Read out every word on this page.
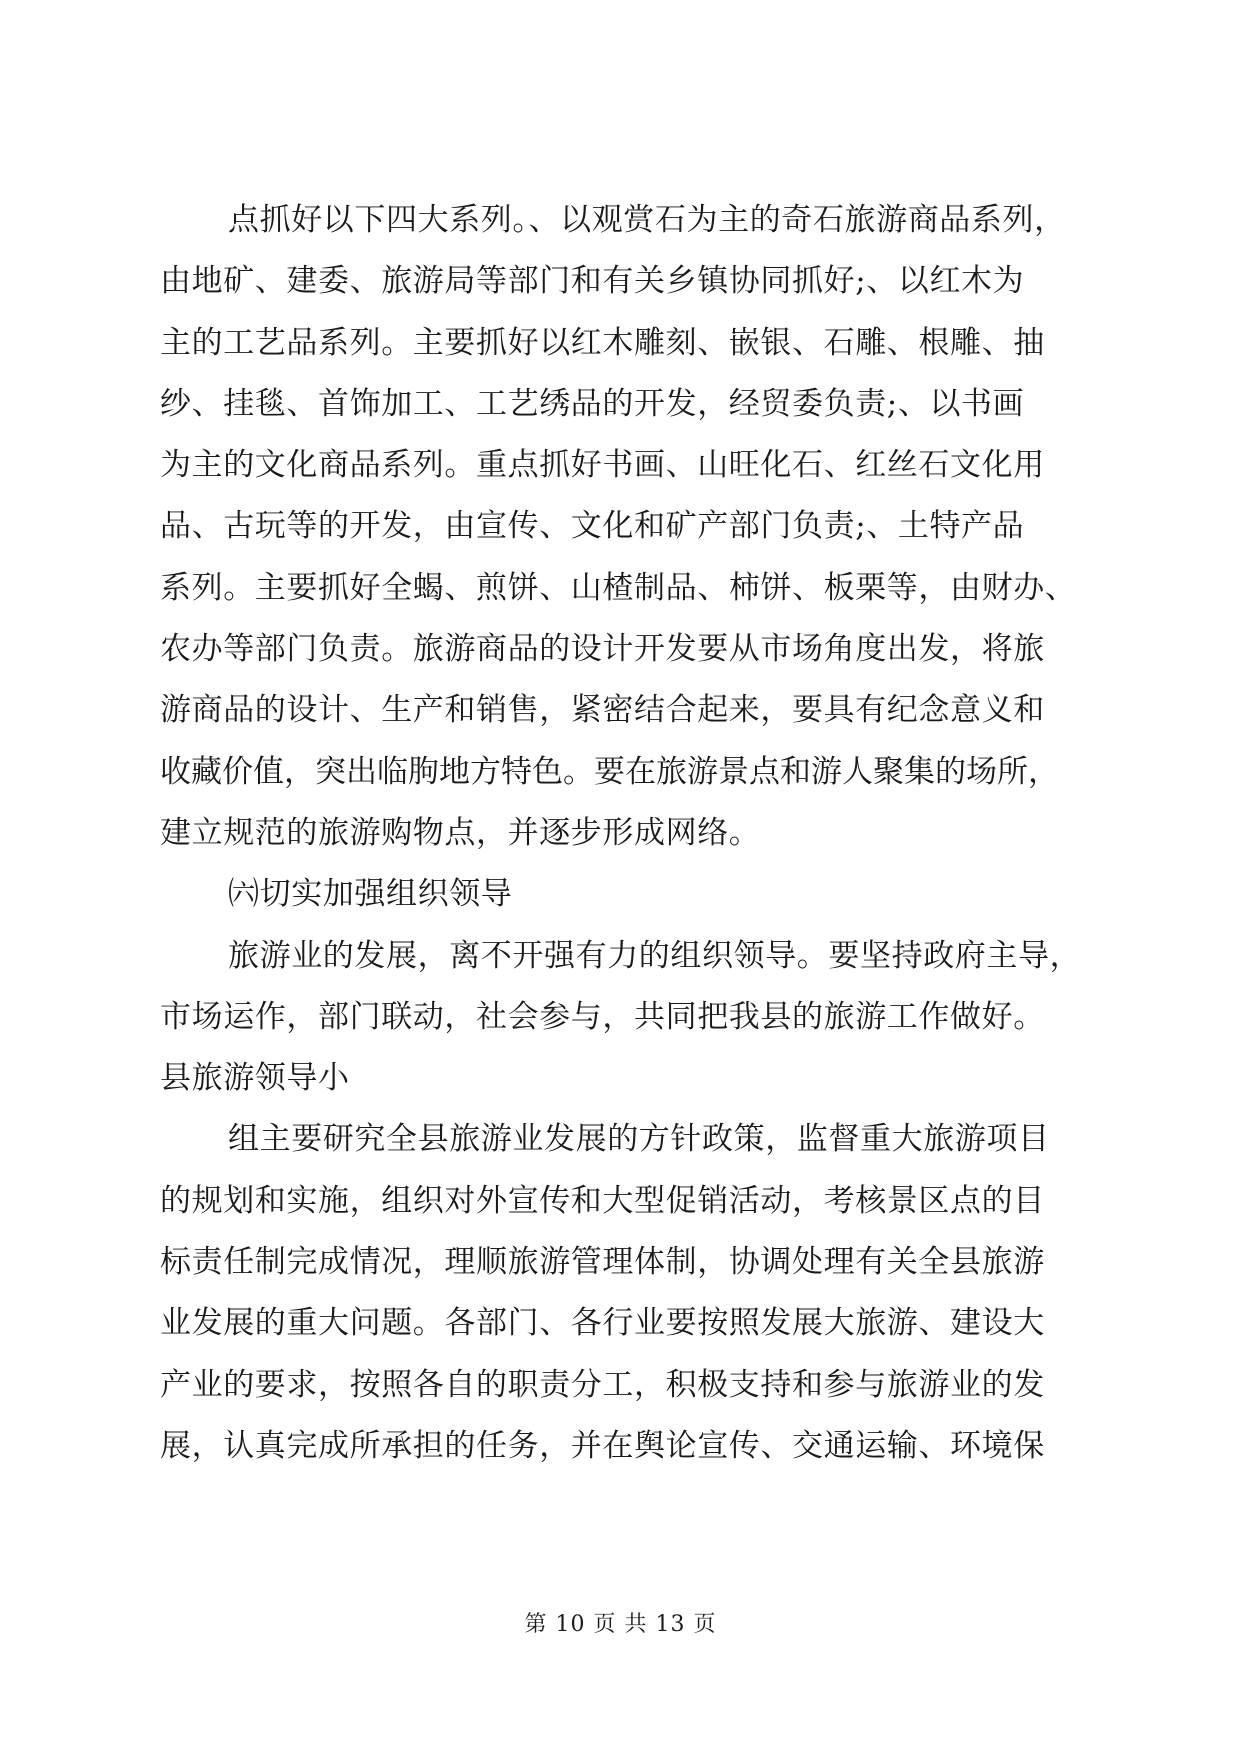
点抓好以下四大系列。、以观赏石为主的奇石旅游商品系列，
由地矿、建委、旅游局等部门和有关乡镇协同抓好;、以红木为
主的工艺品系列。主要抓好以红木雕刻、嵌银、石雕、根雕、抽
纱、挂毯、首饰加工、工艺绣品的开发，经贸委负责;、以书画
为主的文化商品系列。重点抓好书画、山旺化石、红丝石文化用
品、古玩等的开发，由宣传、文化和矿产部门负责;、土特产品
系列。主要抓好全蝎、煎饼、山楂制品、柿饼、板栗等，由财办、
农办等部门负责。旅游商品的设计开发要从市场角度出发，将旅
游商品的设计、生产和销售，紧密结合起来，要具有纪念意义和
收藏价值，突出临朐地方特色。要在旅游景点和游人聚集的场所，
建立规范的旅游购物点，并逐步形成网络。
㈥切实加强组织领导
旅游业的发展，离不开强有力的组织领导。要坚持政府主导，
市场运作，部门联动，社会参与，共同把我县的旅游工作做好。
县旅游领导小
组主要研究全县旅游业发展的方针政策，监督重大旅游项目
的规划和实施，组织对外宣传和大型促销活动，考核景区点的目
标责任制完成情况，理顺旅游管理体制，协调处理有关全县旅游
业发展的重大问题。各部门、各行业要按照发展大旅游、建设大
产业的要求，按照各自的职责分工，积极支持和参与旅游业的发
展，认真完成所承担的任务，并在舆论宣传、交通运输、环境保
第 10 页 共 13 页
